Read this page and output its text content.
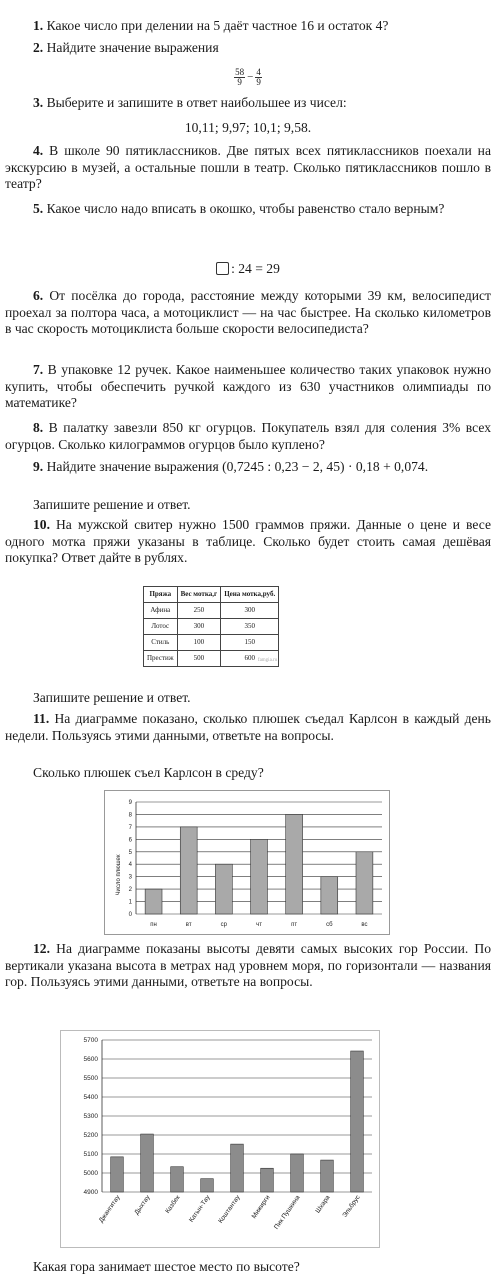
1. Какое число при делении на 5 даёт частное 16 и остаток 4?

2. Найдите значение выражения

58
$9 - \frac{4}{9}$

3. Выберите и запишите в ответ наибольшее из чисел:

10,11; 9,97; 10,1; 9,58.

4. В школе 90 пятиклассников. Две пятых всех пятиклассников поехали на экскурсию в музей, а остальные пошли в театр. Сколько пятиклассников пошло в театр?

5. Какое число надо вписать в окошко, чтобы равенство стало верным?

: 24 = 29

6. От посёлка до города, расстояние между которыми 39 км, велосипедист проехал за полтора часа, а мотоциклист — на час быстрее. На сколько километров в час скорость мотоциклиста больше скорости велосипедиста?

7. В упаковке 12 ручек. Какое наименьшее количество таких упаковок нужно купить, чтобы обеспечить ручкой каждого из 630 участников олимпиады по математике?

8. В палатку завезли 850 кг огурцов. Покупатель взял для соления 3% всех огурцов. Сколько килограммов огурцов было куплено?

9. Найдите значение выражения (0,7245 : 0,23 − 2, 45) · 0,18 + 0,074.

Запишите решение и ответ.

10. На мужской свитер нужно 1500 граммов пряжи. Данные о цене и весе одного мотка пряжи указаны в таблице. Сколько будет стоить самая дешёвая покупка? Ответ дайте в рублях.

Пряжа	Вес мотка,г	Цена мотка,руб.
Афина	250	300
Лотос	300	350
Стиль	100	150
Престиж	500	600 famgia.ru

Запишите решение и ответ.

11. На диаграмме показано, сколько плюшек съедал Карлсон в каждый день недели. Пользуясь этими данными, ответьте на вопросы.

Сколько плюшек съел Карлсон в среду?

Число плюшек
0
1
2
3
4
5
6
7
8
9
пн	вт	ср	чт	пт	сб	вс

12. На диаграмме показаны высоты девяти самых высоких гор России. По вертикали указана высота в метрах над уровнем моря, по горизонтали — названия гор. Пользуясь этими данными, ответьте на вопросы.

4900
5000
5100
5200
5300
5400
5500
5600
5700
Джангитау Дыхтау Казбек Катын-Тау Коштантау Мижирги Пик Пушкина Шхара Эльбрус

Какая гора занимает шестое место по высоте?
